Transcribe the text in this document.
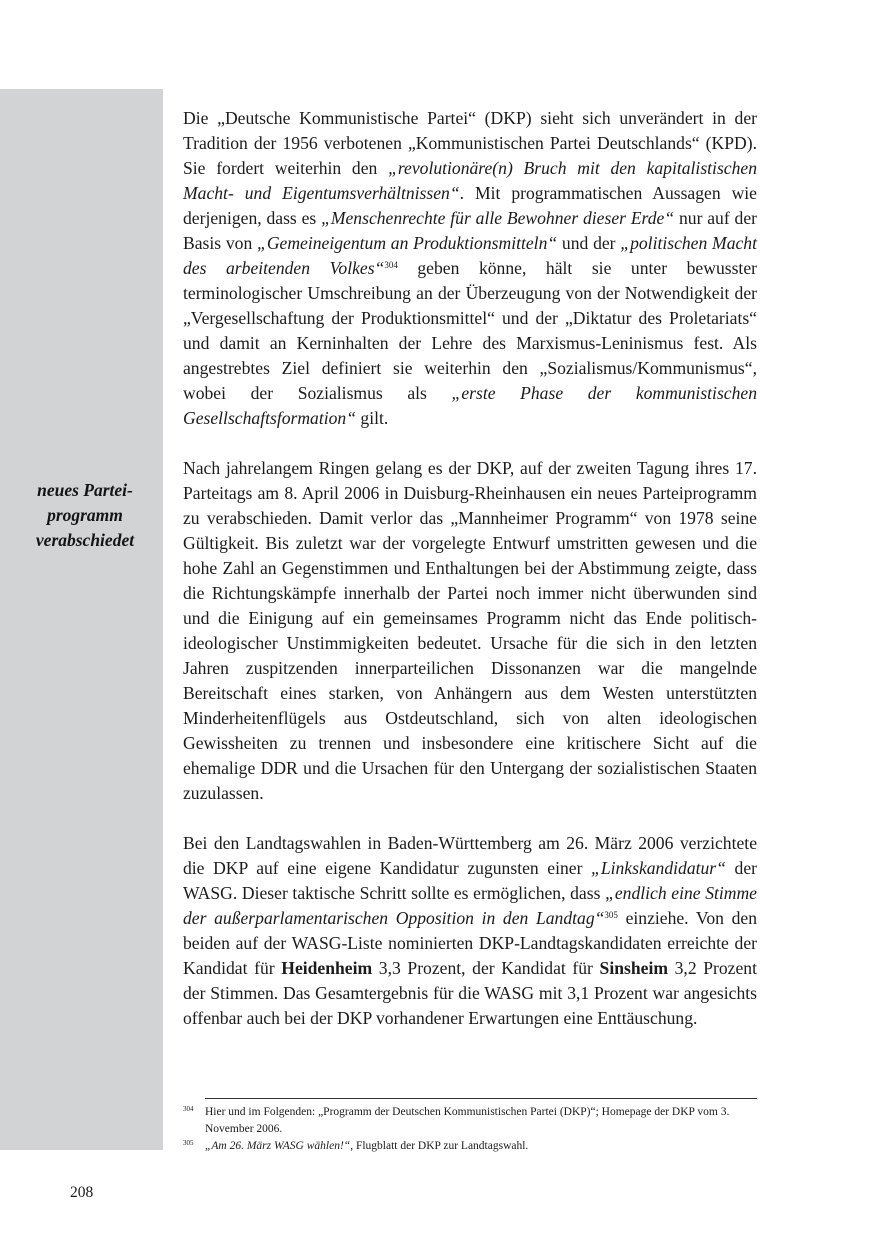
neues Partei-
programm
verabschiedet

Die „Deutsche Kommunistische Partei“ (DKP) sieht sich unverändert in der Tradition der 1956 verbotenen „Kommunistischen Partei Deutschlands“ (KPD). Sie fordert weiterhin den „revolutionäre(n) Bruch mit den kapitalistischen Macht- und Eigentumsverhältnissen“. Mit programmatischen Aussagen wie derjenigen, dass es „Menschenrechte für alle Bewohner dieser Erde“ nur auf der Basis von „Gemeineigentum an Produktionsmitteln“ und der „politischen Macht des arbeitenden Volkes“$^{304}$ geben könne, hält sie unter bewusster terminologischer Umschreibung an der Überzeugung von der Notwendigkeit der „Vergesellschaftung der Produktionsmittel“ und der „Diktatur des Proletariats“ und damit an Kerninhalten der Lehre des Marxismus-Leninismus fest. Als angestrebtes Ziel definiert sie weiterhin den „Sozialismus/Kommunismus“, wobei der Sozialismus als „erste Phase der kommunistischen Gesellschaftsformation“ gilt.

Nach jahrelangem Ringen gelang es der DKP, auf der zweiten Tagung ihres 17. Parteitags am 8. April 2006 in Duisburg-Rheinhausen ein neues Parteiprogramm zu verabschieden. Damit verlor das „Mannheimer Programm“ von 1978 seine Gültigkeit. Bis zuletzt war der vorgelegte Entwurf umstritten gewesen und die hohe Zahl an Gegenstimmen und Enthaltungen bei der Abstimmung zeigte, dass die Richtungskämpfe innerhalb der Partei noch immer nicht überwunden sind und die Einigung auf ein gemeinsames Programm nicht das Ende politisch-ideologischer Unstimmigkeiten bedeutet. Ursache für die sich in den letzten Jahren zuspitzenden innerparteilichen Dissonanzen war die mangelnde Bereitschaft eines starken, von Anhängern aus dem Westen unterstützten Minderheitenflügels aus Ostdeutschland, sich von alten ideologischen Gewissheiten zu trennen und insbesondere eine kritischere Sicht auf die ehemalige DDR und die Ursachen für den Untergang der sozialistischen Staaten zuzulassen.

Bei den Landtagswahlen in Baden-Württemberg am 26. März 2006 verzichtete die DKP auf eine eigene Kandidatur zugunsten einer „Linkskandidatur“ der WASG. Dieser taktische Schritt sollte es ermöglichen, dass „endlich eine Stimme der außerparlamentarischen Opposition in den Landtag“$^{305}$ einziehe. Von den beiden auf der WASG-Liste nominierten DKP-Landtagskandidaten erreichte der Kandidat für Heidenheim 3,3 Prozent, der Kandidat für Sinsheim 3,2 Prozent der Stimmen. Das Gesamtergebnis für die WASG mit 3,1 Prozent war angesichts offenbar auch bei der DKP vorhandener Erwartungen eine Enttäuschung.

304 Hier und im Folgenden: „Programm der Deutschen Kommunistischen Partei (DKP)“; Homepage der DKP vom 3. November 2006.
305 „Am 26. März WASG wählen!“, Flugblatt der DKP zur Landtagswahl.
208
